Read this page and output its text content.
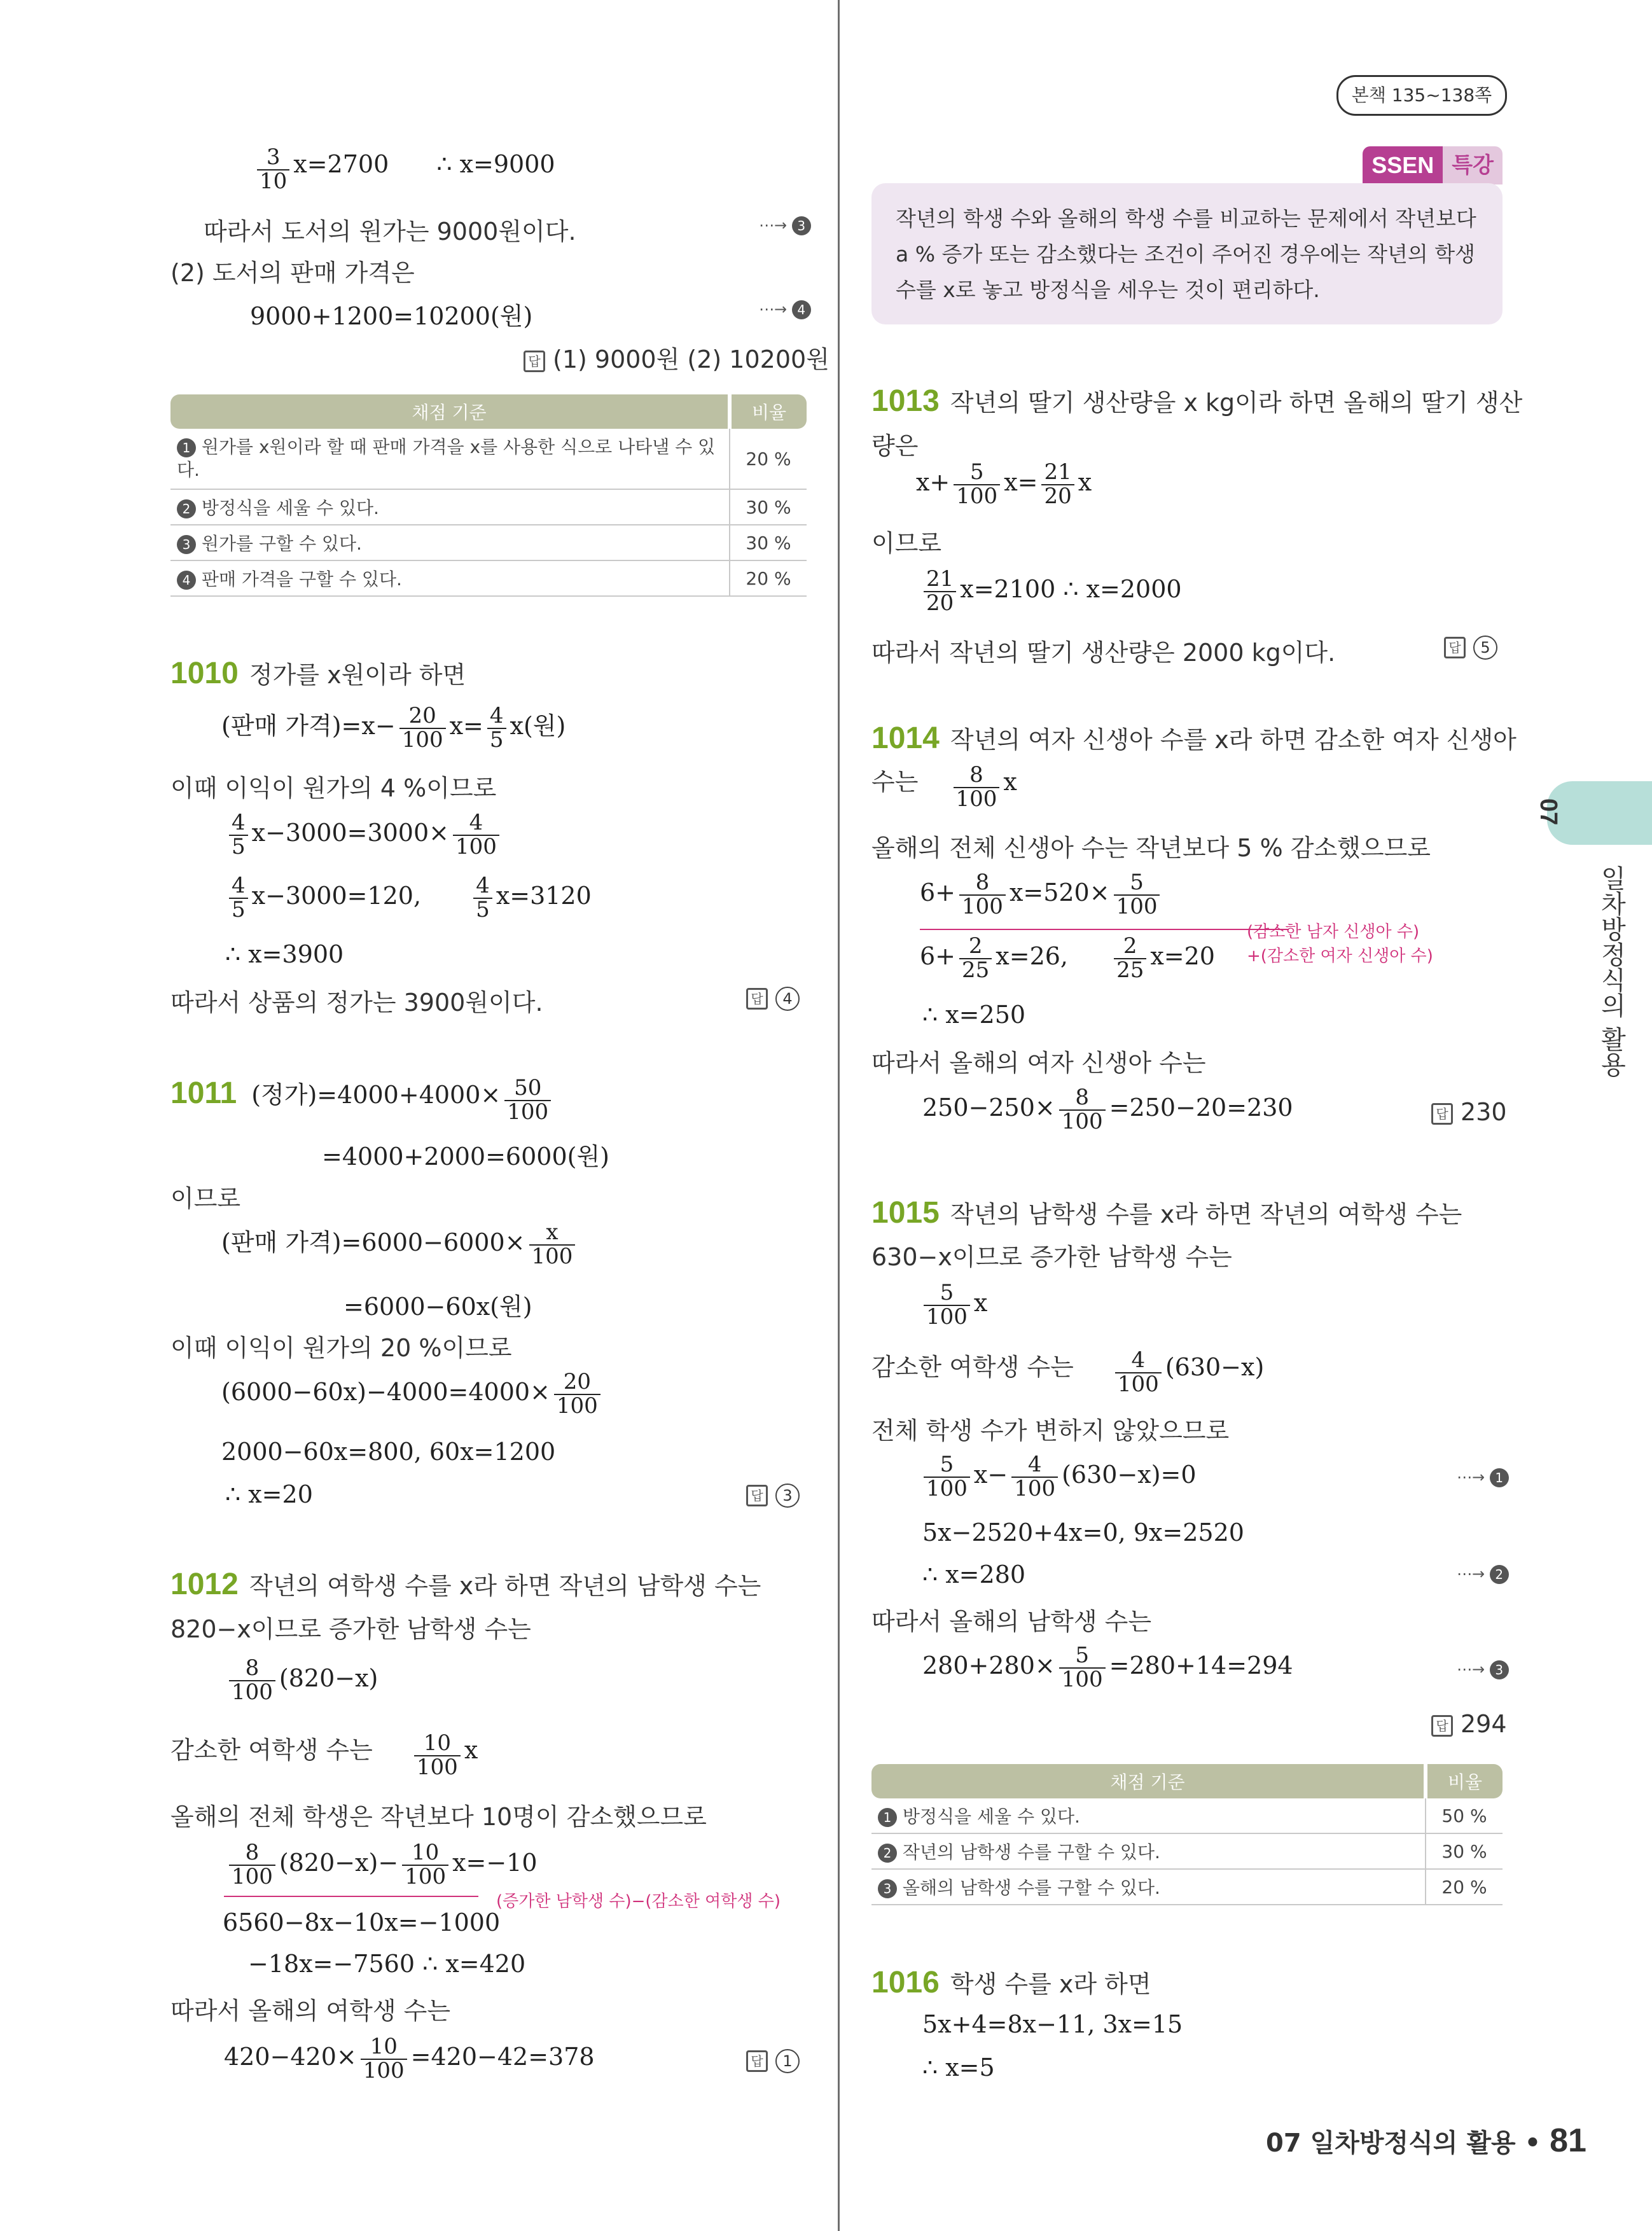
$\frac{3}{10} x=2700$ ∴ x=9000
따라서 도서의 원가는 9000원이다.	⋯→ 3
(2) 도서의 판매 가격은
9000+1200=10200(원)	⋯→ 4
답 (1) 9000원 (2) 10200원
채점 기준	비율
1 원가를 x원이라 할 때 판매 가격을 x를 사용한 식으로 나타낼 수 있다.	20 %
2 방정식을 세울 수 있다.	30 %
3 원가를 구할 수 있다.	30 %
4 판매 가격을 구할 수 있다.	20 %
1010 정가를 x원이라 하면
(판매 가격)$=x- \frac{20}{100} x= \frac{4}{5} x$(원)
이때 이익이 원가의 4 %이므로
$\frac{4}{5} x-3000=3000\times \frac{4}{100}$
$\frac{4}{5} x-3000=120$, $\frac{4}{5} x=3120$
∴ x=3900
따라서 상품의 정가는 3900원이다.	답 4
1011 (정가)$=4000+4000\times \frac{50}{100}$
=4000+2000=6000(원)
이므로
(판매 가격)$=6000-6000\times \frac{x}{100}$
=6000−60x(원)
이때 이익이 원가의 20 %이므로
$(6000-60x)-4000=4000\times \frac{20}{100}$
2000−60x=800, 60x=1200
∴ x=20	답 3
1012 작년의 여학생 수를 x라 하면 작년의 남학생 수는
820−x이므로 증가한 남학생 수는
$\frac{8}{100} (820-x)$
감소한 여학생 수는 $\frac{10}{100}$ x
올해의 전체 학생은 작년보다 10명이 감소했으므로
$\frac{8}{100} (820-x)- \frac{10}{100} x=-10$
(증가한 남학생 수)−(감소한 여학생 수)
6560−8x−10x=−1000
−18x=−7560 ∴ x=420
따라서 올해의 여학생 수는
$420-420\times \frac{10}{100} =420-42=378$	답 1
본책 135~138쪽
SSEN 특강
작년의 학생 수와 올해의 학생 수를 비교하는 문제에서 작년보다
a % 증가 또는 감소했다는 조건이 주어진 경우에는 작년의 학생
수를 x로 놓고 방정식을 세우는 것이 편리하다.
1013 작년의 딸기 생산량을 x kg이라 하면 올해의 딸기 생산
량은
$x+ \frac{5}{100} x= \frac{21}{20}$ x
이므로
$\frac{21}{20} x=2100$ ∴ x=2000
따라서 작년의 딸기 생산량은 2000 kg이다.	답 5
1014 작년의 여자 신생아 수를 x라 하면 감소한 여자 신생아
수는 $\frac{8}{100}$ x
올해의 전체 신생아 수는 작년보다 5 % 감소했으므로
$6+ \frac{8}{100} x=520\times \frac{5}{100}$
(감소한 남자 신생아 수)
+(감소한 여자 신생아 수)
$6+ \frac{2}{25} x=26$, $\frac{2}{25} x=20$
∴ x=250
따라서 올해의 여자 신생아 수는
$250-250\times \frac{8}{100} =250-20=230$	답 230
1015 작년의 남학생 수를 x라 하면 작년의 여학생 수는
630−x이므로 증가한 남학생 수는
$\frac{5}{100}$ x
감소한 여학생 수는 $\frac{4}{100} (630-x)$
전체 학생 수가 변하지 않았으므로
$\frac{5}{100} x- \frac{4}{100} (630-x)=0$	⋯→ 1
5x−2520+4x=0, 9x=2520
∴ x=280	⋯→ 2
따라서 올해의 남학생 수는
$280+280\times \frac{5}{100} =280+14=294$	⋯→ 3
답 294
채점 기준	비율
1 방정식을 세울 수 있다.	50 %
2 작년의 남학생 수를 구할 수 있다.	30 %
3 올해의 남학생 수를 구할 수 있다.	20 %
1016 학생 수를 x라 하면
5x+4=8x−11, 3x=15
∴ x=5
07
일차방정식의 활용
07 일차방정식의 활용 • 81
